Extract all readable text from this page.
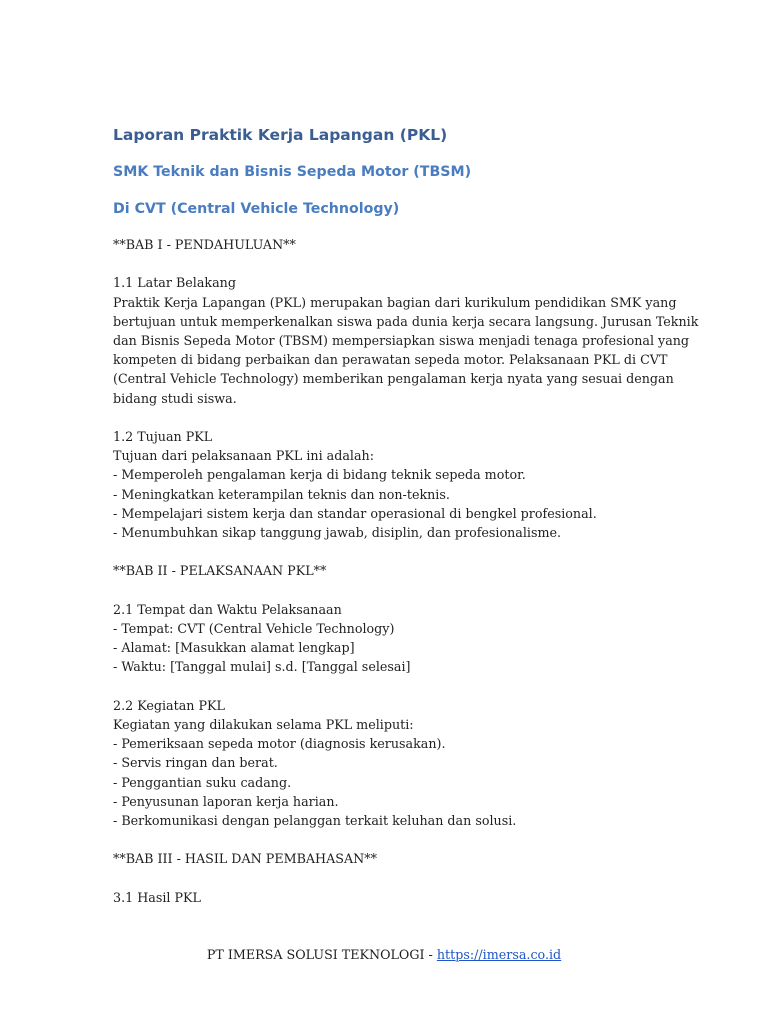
Laporan Praktik Kerja Lapangan (PKL)
SMK Teknik dan Bisnis Sepeda Motor (TBSM)
Di CVT (Central Vehicle Technology)
**BAB I - PENDAHULUAN**
1.1 Latar Belakang
Praktik Kerja Lapangan (PKL) merupakan bagian dari kurikulum pendidikan SMK yang
bertujuan untuk memperkenalkan siswa pada dunia kerja secara langsung. Jurusan Teknik
dan Bisnis Sepeda Motor (TBSM) mempersiapkan siswa menjadi tenaga profesional yang
kompeten di bidang perbaikan dan perawatan sepeda motor. Pelaksanaan PKL di CVT
(Central Vehicle Technology) memberikan pengalaman kerja nyata yang sesuai dengan
bidang studi siswa.
1.2 Tujuan PKL
Tujuan dari pelaksanaan PKL ini adalah:
- Memperoleh pengalaman kerja di bidang teknik sepeda motor.
- Meningkatkan keterampilan teknis dan non-teknis.
- Mempelajari sistem kerja dan standar operasional di bengkel profesional.
- Menumbuhkan sikap tanggung jawab, disiplin, dan profesionalisme.
**BAB II - PELAKSANAAN PKL**
2.1 Tempat dan Waktu Pelaksanaan
- Tempat: CVT (Central Vehicle Technology)
- Alamat: [Masukkan alamat lengkap]
- Waktu: [Tanggal mulai] s.d. [Tanggal selesai]
2.2 Kegiatan PKL
Kegiatan yang dilakukan selama PKL meliputi:
- Pemeriksaan sepeda motor (diagnosis kerusakan).
- Servis ringan dan berat.
- Penggantian suku cadang.
- Penyusunan laporan kerja harian.
- Berkomunikasi dengan pelanggan terkait keluhan dan solusi.
**BAB III - HASIL DAN PEMBAHASAN**
3.1 Hasil PKL
PT IMERSA SOLUSI TEKNOLOGI - https://imersa.co.id
